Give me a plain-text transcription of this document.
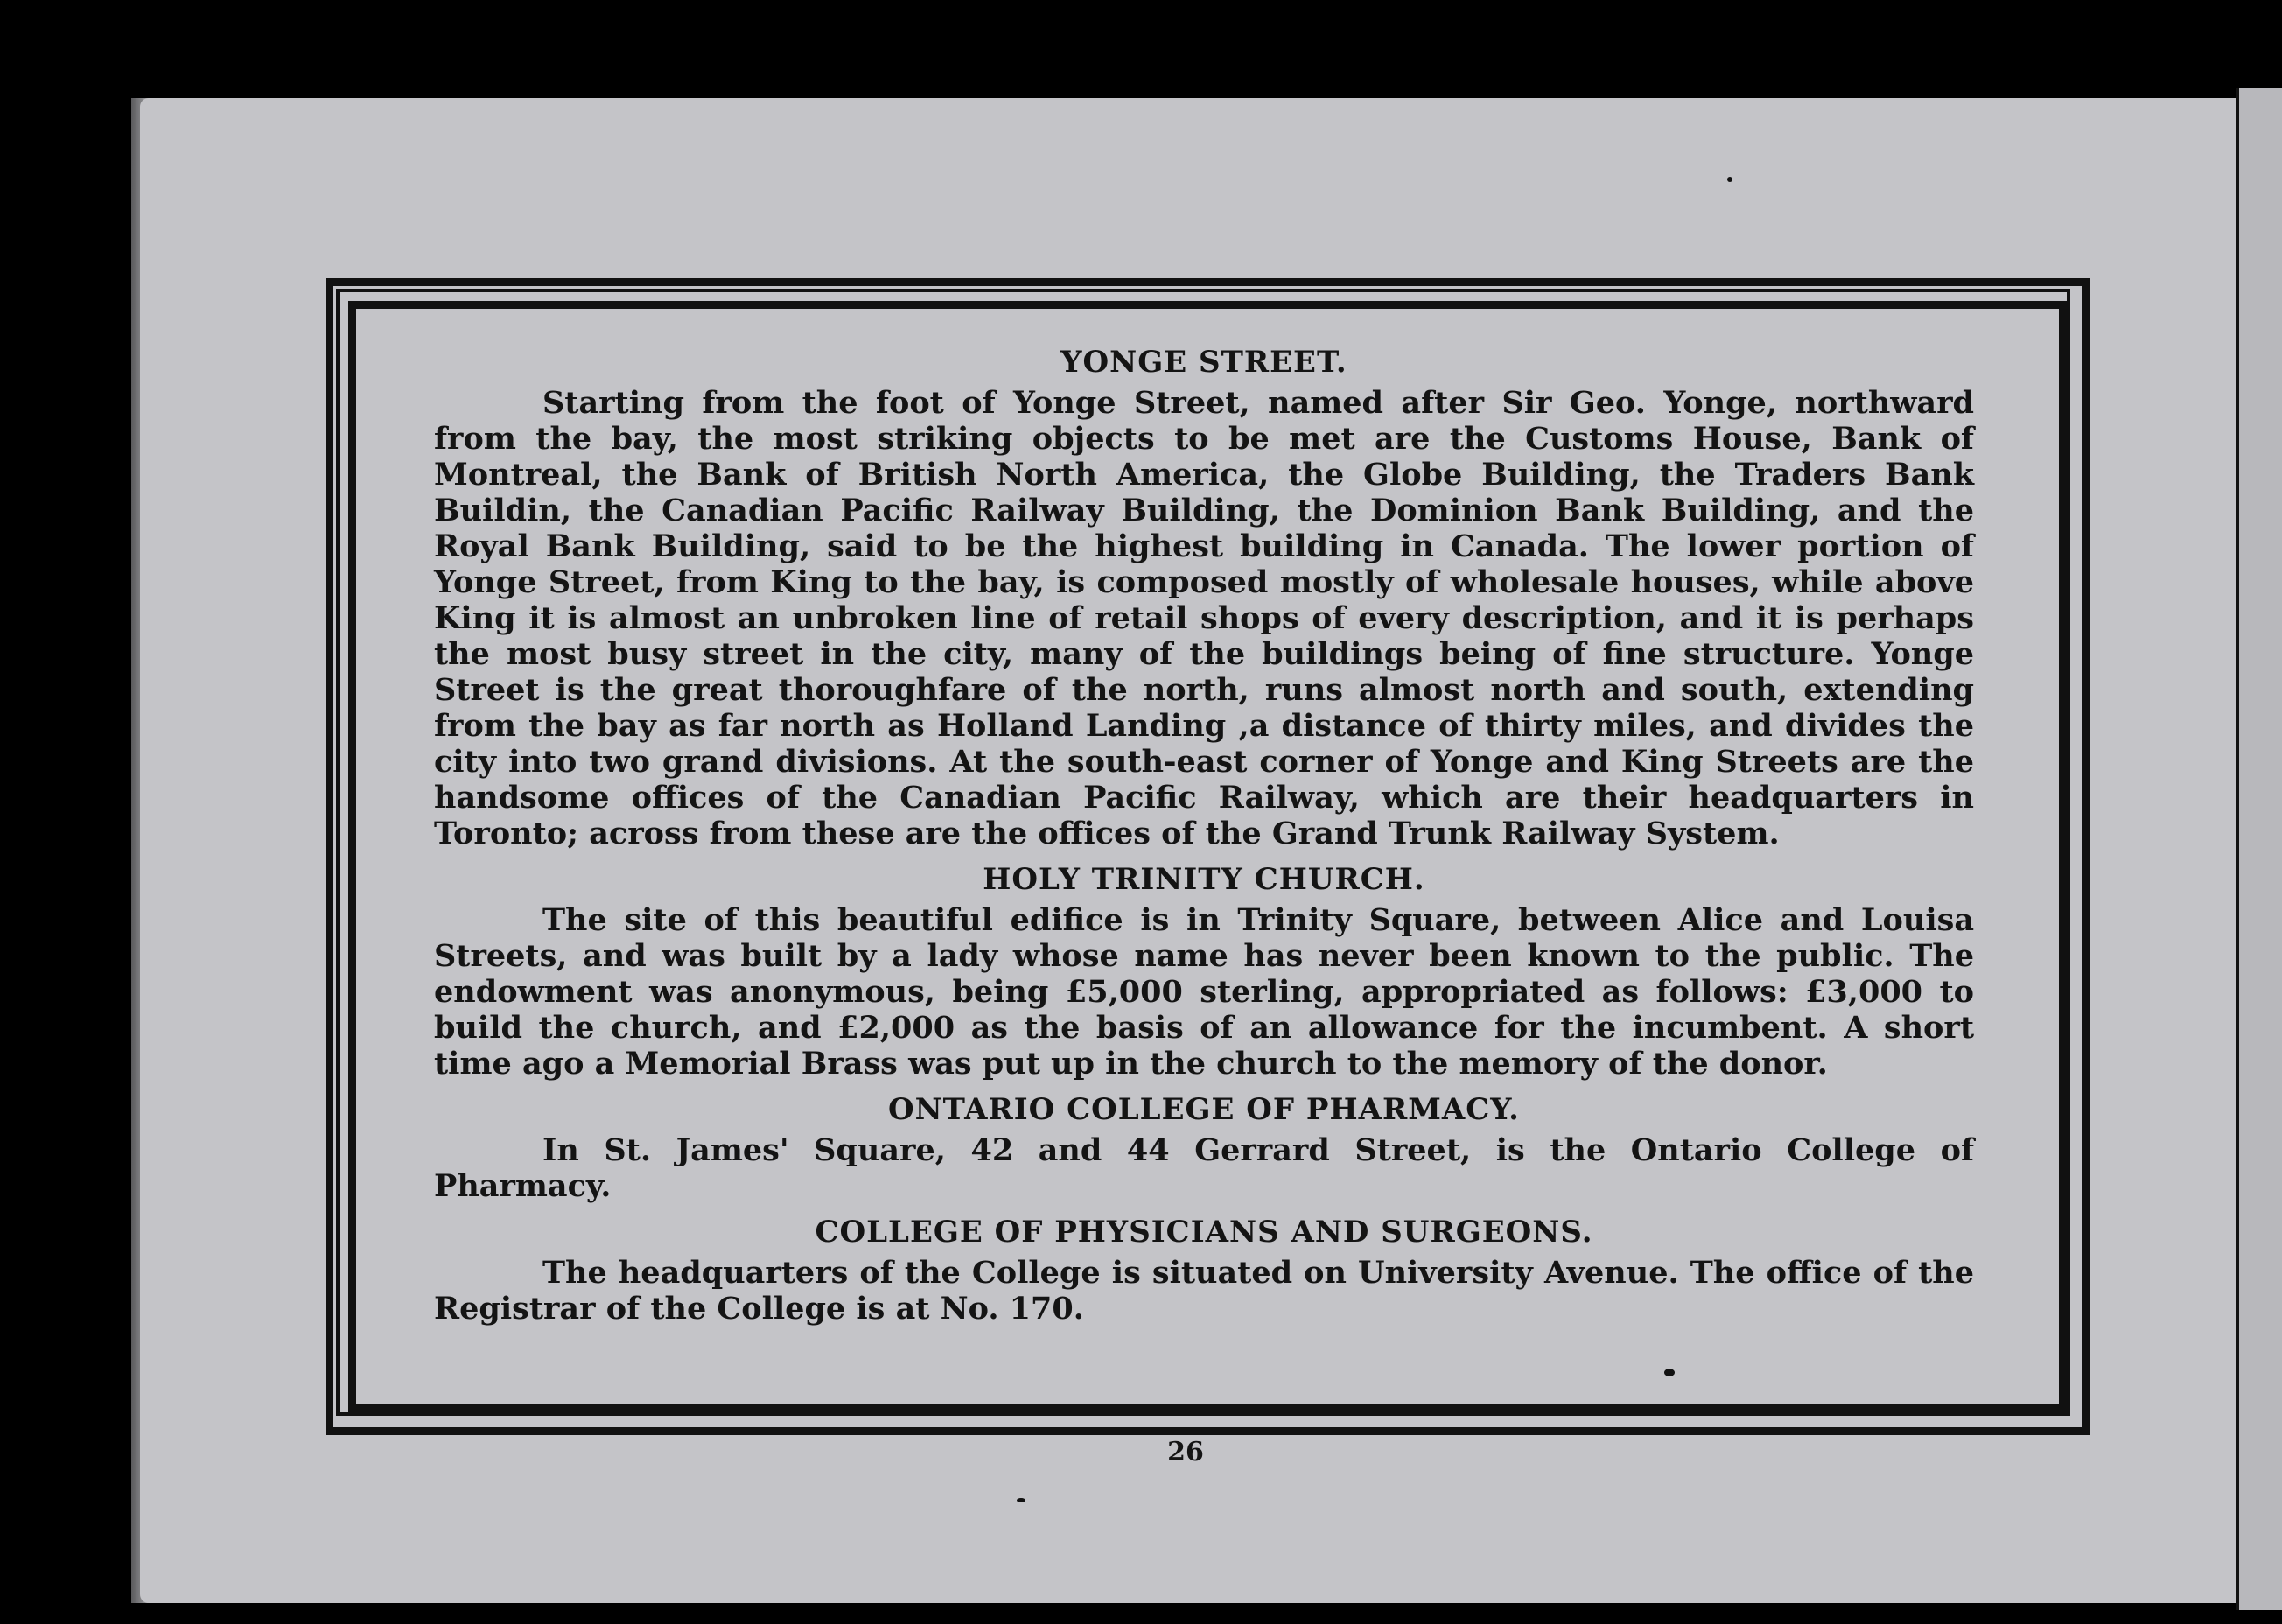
YONGE STREET.

Starting from the foot of Yonge Street, named after Sir Geo. Yonge, northward from the bay, the most striking objects to be met are the Customs House, Bank of Montreal, the Bank of British North America, the Globe Building, the Traders Bank Buildin, the Canadian Pacific Railway Building, the Dominion Bank Building, and the Royal Bank Building, said to be the highest building in Canada. The lower portion of Yonge Street, from King to the bay, is composed mostly of wholesale houses, while above King it is almost an unbroken line of retail shops of every description, and it is perhaps the most busy street in the city, many of the buildings being of fine structure. Yonge Street is the great thoroughfare of the north, runs almost north and south, extending from the bay as far north as Holland Landing ,a distance of thirty miles, and divides the city into two grand divisions. At the south-east corner of Yonge and King Streets are the handsome offices of the Canadian Pacific Railway, which are their headquarters in Toronto; across from these are the offices of the Grand Trunk Railway System.

HOLY TRINITY CHURCH.

The site of this beautiful edifice is in Trinity Square, between Alice and Louisa Streets, and was built by a lady whose name has never been known to the public. The endowment was anonymous, being £5,000 sterling, appropriated as follows: £3,000 to build the church, and £2,000 as the basis of an allowance for the incumbent. A short time ago a Memorial Brass was put up in the church to the memory of the donor.

ONTARIO COLLEGE OF PHARMACY.

In St. James' Square, 42 and 44 Gerrard Street, is the Ontario College of Pharmacy.

COLLEGE OF PHYSICIANS AND SURGEONS.

The headquarters of the College is situated on University Avenue. The office of the Registrar of the College is at No. 170.

26
